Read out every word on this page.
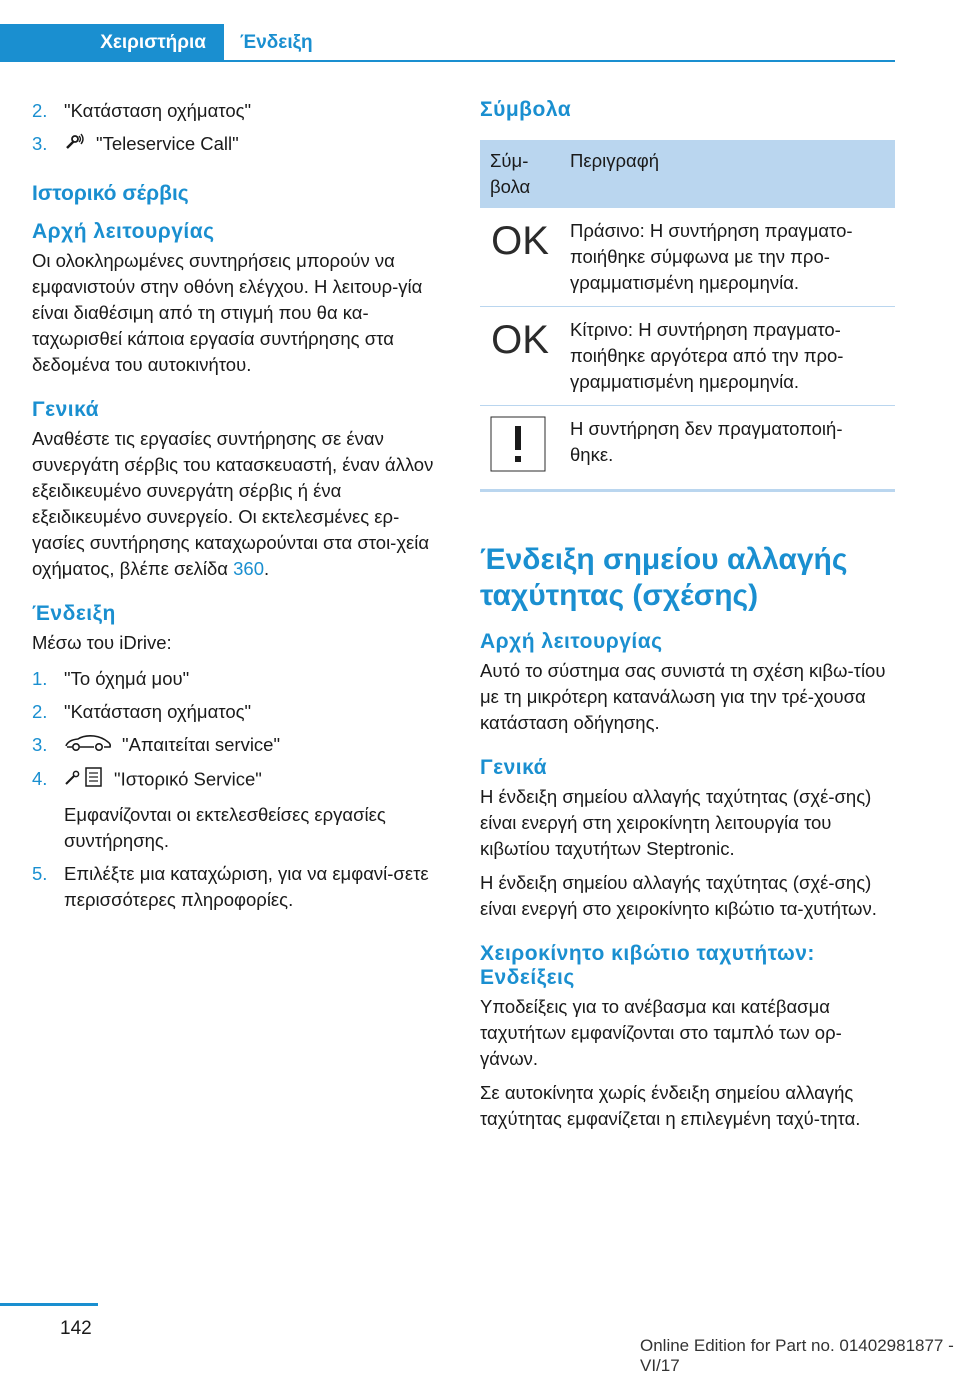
Χειριστήρια	Ένδειξη
2. "Κατάσταση οχήματος"
3.	"Teleservice Call"
Ιστορικό σέρβις
Αρχή λειτουργίας

Οι ολοκληρωμένες συντηρήσεις μπορούν να εμφανιστούν στην οθόνη ελέγχου. Η λειτουρ‐γία είναι διαθέσιμη από τη στιγμή που θα κα‐ταχωρισθεί κάποια εργασία συντήρησης στα δεδομένα του αυτοκινήτου.

Γενικά

Αναθέστε τις εργασίες συντήρησης σε έναν συνεργάτη σέρβις του κατασκευαστή, έναν άλλον εξειδικευμένο συνεργάτη σέρβις ή ένα εξειδικευμένο συνεργείο. Οι εκτελεσμένες ερ‐γασίες συντήρησης καταχωρούνται στα στοι‐χεία οχήματος, βλέπε σελίδα 360.

Ένδειξη

Μέσω του iDrive:

1. "Το όχημά μου"
2. "Κατάσταση οχήματος"
3.	"Απαιτείται service"
4.	"Ιστορικό Service"
Εμφανίζονται οι εκτελεσθείσες εργασίες συντήρησης.
5. Επιλέξτε μια καταχώριση, για να εμφανί‐σετε περισσότερες πληροφορίες.
Σύμβολα
Σύμ‐βολα	Περιγραφή

OK	Πράσινο: Η συντήρηση πραγματο‐ποιήθηκε σύμφωνα με την προ‐γραμματισμένη ημερομηνία.

OK	Κίτρινο: Η συντήρηση πραγματο‐ποιήθηκε αργότερα από την προ‐γραμματισμένη ημερομηνία.
	Η συντήρηση δεν πραγματοποιή‐θηκε.
Ένδειξη σημείου αλλαγής ταχύτητας (σχέσης)
Αρχή λειτουργίας

Αυτό το σύστημα σας συνιστά τη σχέση κιβω‐τίου με τη μικρότερη κατανάλωση για την τρέ‐χουσα κατάσταση οδήγησης.

Γενικά

Η ένδειξη σημείου αλλαγής ταχύτητας (σχέ‐σης) είναι ενεργή στη χειροκίνητη λειτουργία του κιβωτίου ταχυτήτων Steptronic.

Η ένδειξη σημείου αλλαγής ταχύτητας (σχέ‐σης) είναι ενεργή στο χειροκίνητο κιβώτιο τα‐χυτήτων.

Χειροκίνητο κιβώτιο ταχυτήτων: Ενδείξεις

Υποδείξεις για το ανέβασμα και κατέβασμα ταχυτήτων εμφανίζονται στο ταμπλό των ορ‐γάνων.

Σε αυτοκίνητα χωρίς ένδειξη σημείου αλλαγής ταχύτητας εμφανίζεται η επιλεγμένη ταχύ‐τητα.

142
Online Edition for Part no. 01402981877 - VI/17
